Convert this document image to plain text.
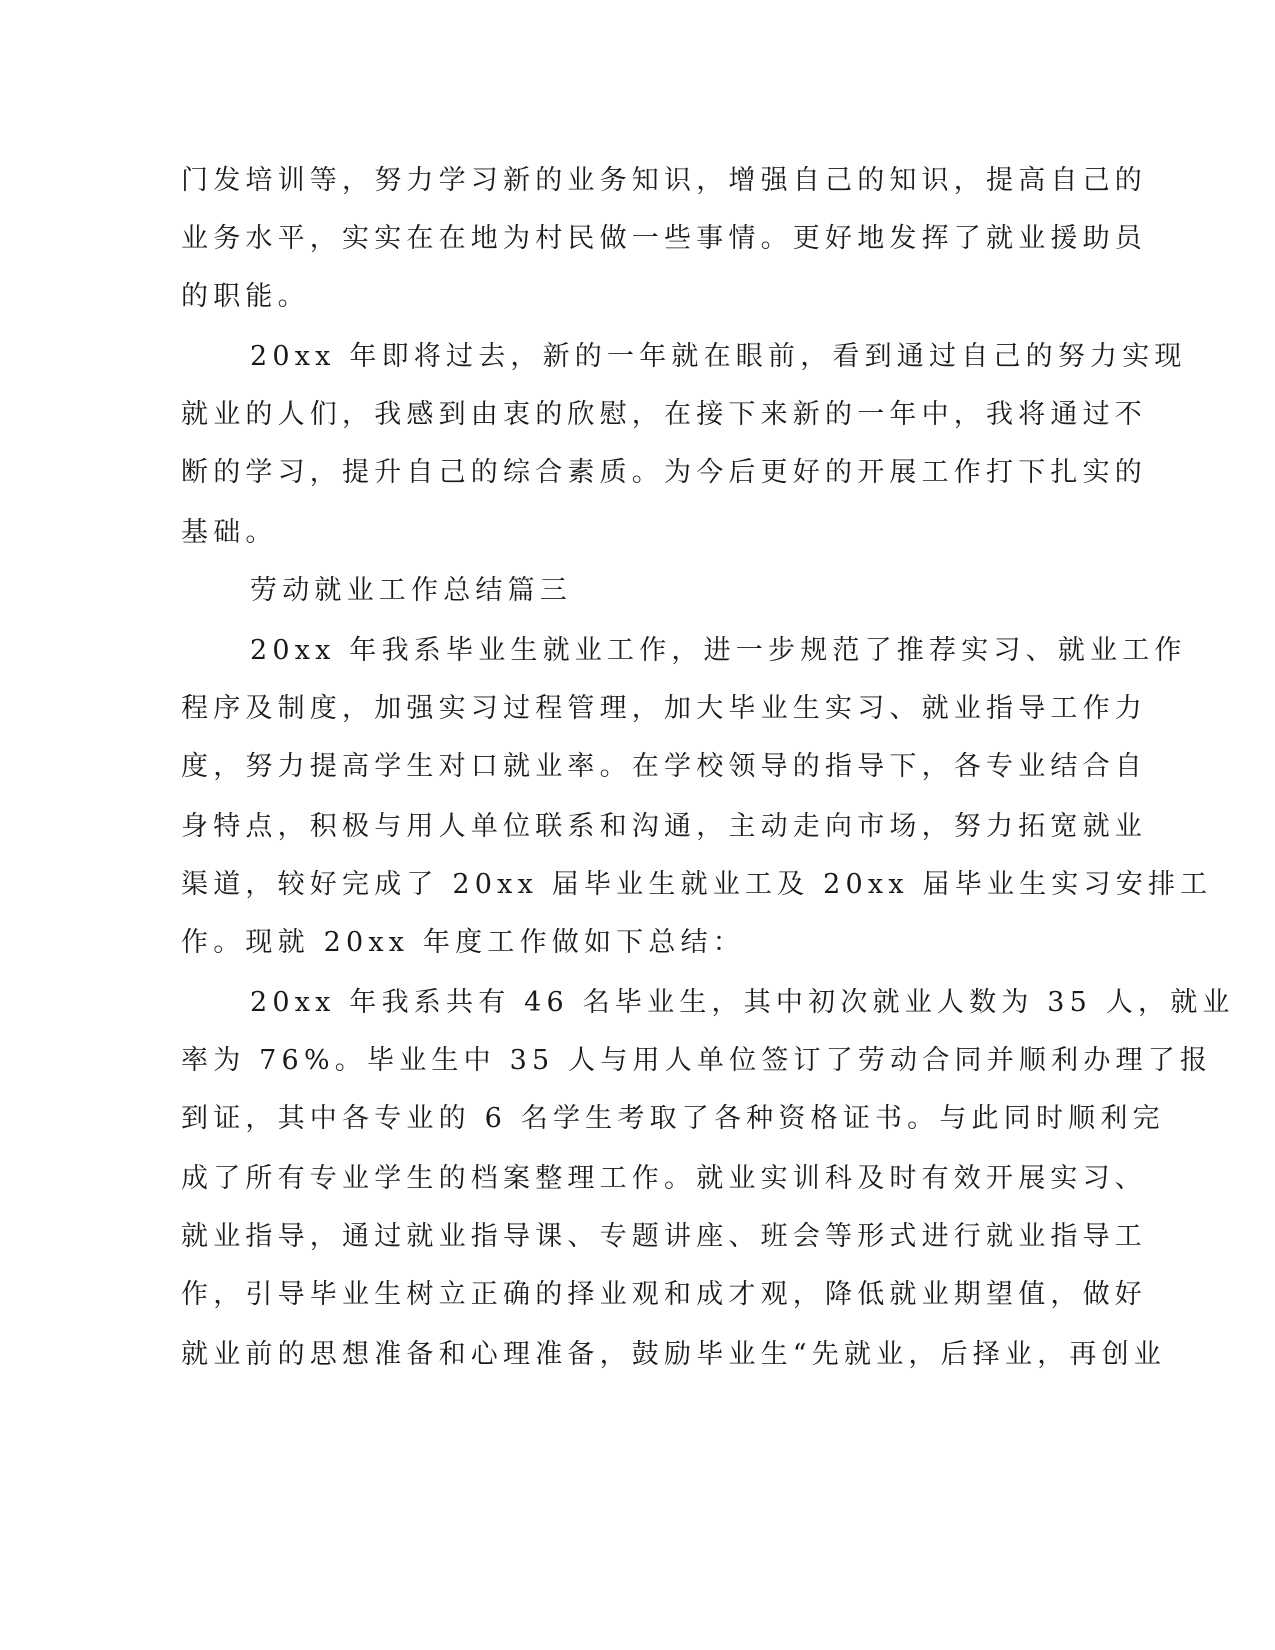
门发培训等，努力学习新的业务知识，增强自己的知识，提高自己的
业务水平，实实在在地为村民做一些事情。更好地发挥了就业援助员
的职能。
20xx 年即将过去，新的一年就在眼前，看到通过自己的努力实现
就业的人们，我感到由衷的欣慰，在接下来新的一年中，我将通过不
断的学习，提升自己的综合素质。为今后更好的开展工作打下扎实的
基础。
劳动就业工作总结篇三
20xx 年我系毕业生就业工作，进一步规范了推荐实习、就业工作
程序及制度，加强实习过程管理，加大毕业生实习、就业指导工作力
度，努力提高学生对口就业率。在学校领导的指导下，各专业结合自
身特点，积极与用人单位联系和沟通，主动走向市场，努力拓宽就业
渠道，较好完成了 20xx 届毕业生就业工及 20xx 届毕业生实习安排工
作。现就 20xx 年度工作做如下总结：
20xx 年我系共有 46 名毕业生，其中初次就业人数为 35 人，就业
率为 76%。毕业生中 35 人与用人单位签订了劳动合同并顺利办理了报
到证，其中各专业的 6 名学生考取了各种资格证书。与此同时顺利完
成了所有专业学生的档案整理工作。就业实训科及时有效开展实习、
就业指导，通过就业指导课、专题讲座、班会等形式进行就业指导工
作，引导毕业生树立正确的择业观和成才观，降低就业期望值，做好
就业前的思想准备和心理准备，鼓励毕业生“先就业，后择业，再创业
